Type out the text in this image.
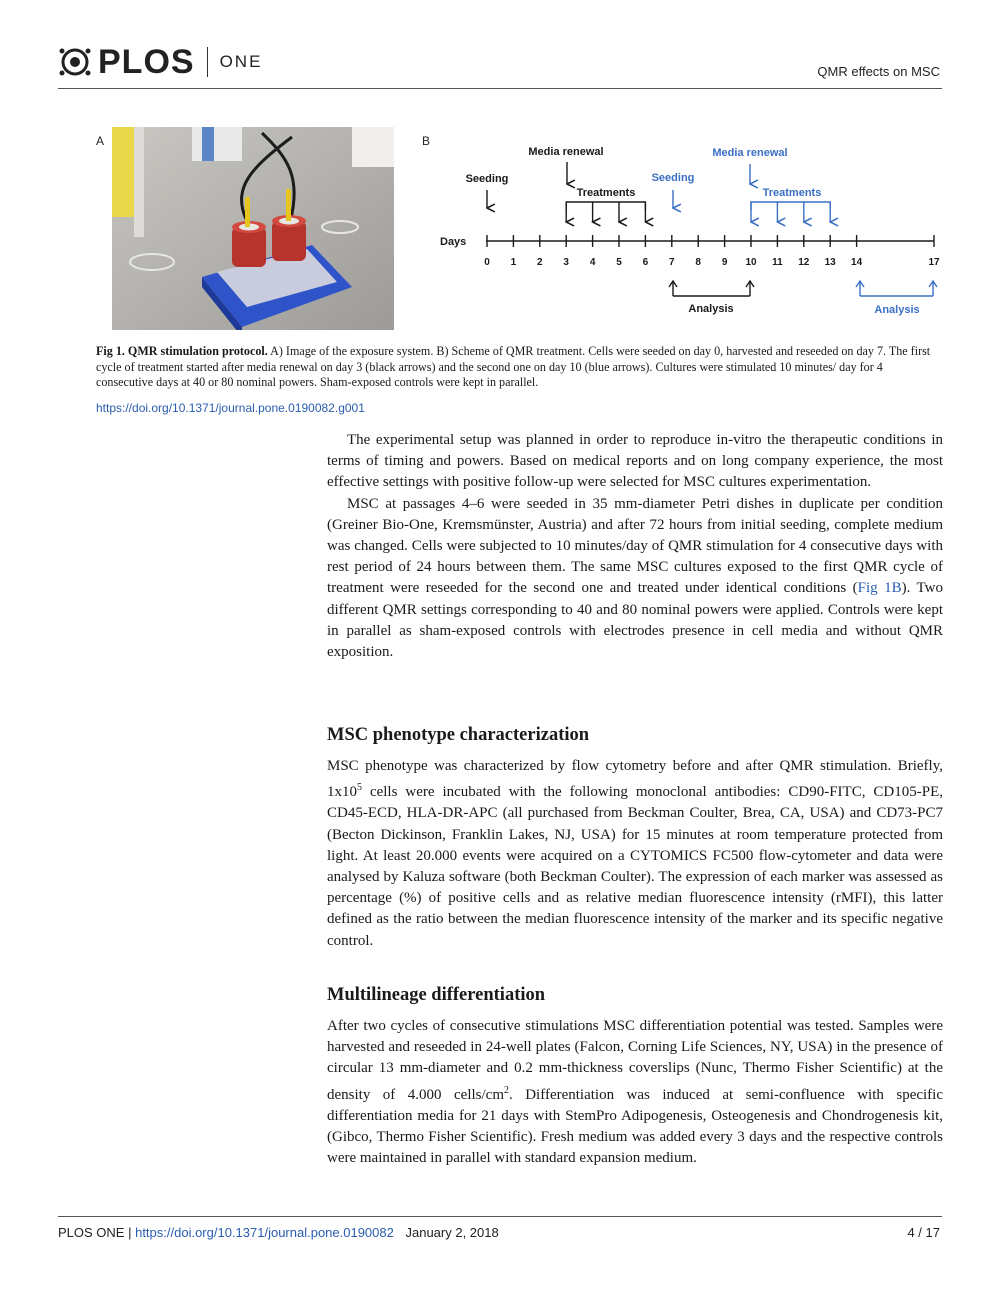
PLOS ONE
QMR effects on MSC
A	B
Days
0 1 2 3 4 5 6 7 8 9 10 11 12 13 14	17
Seeding
Media renewal
Treatments
Analysis
Seeding
Media renewal
Treatments
Analysis
Fig 1. QMR stimulation protocol. A) Image of the exposure system. B) Scheme of QMR treatment. Cells were seeded on day 0, harvested and reseeded on day 7. The first cycle of treatment started after media renewal on day 3 (black arrows) and the second one on day 10 (blue arrows). Cultures were stimulated 10 minutes/ day for 4 consecutive days at 40 or 80 nominal powers. Sham-exposed controls were kept in parallel.
https://doi.org/10.1371/journal.pone.0190082.g001

The experimental setup was planned in order to reproduce in-vitro the therapeutic conditions in terms of timing and powers. Based on medical reports and on long company experience, the most effective settings with positive follow-up were selected for MSC cultures experimentation.

MSC at passages 4–6 were seeded in 35 mm-diameter Petri dishes in duplicate per condition (Greiner Bio-One, Kremsmünster, Austria) and after 72 hours from initial seeding, complete medium was changed. Cells were subjected to 10 minutes/day of QMR stimulation for 4 consecutive days with rest period of 24 hours between them. The same MSC cultures exposed to the first QMR cycle of treatment were reseeded for the second one and treated under identical conditions (Fig 1B). Two different QMR settings corresponding to 40 and 80 nominal powers were applied. Controls were kept in parallel as sham-exposed controls with electrodes presence in cell media and without QMR exposition.

MSC phenotype characterization

MSC phenotype was characterized by flow cytometry before and after QMR stimulation. Briefly, $1x10^5$ cells were incubated with the following monoclonal antibodies: CD90-FITC, CD105-PE, CD45-ECD, HLA-DR-APC (all purchased from Beckman Coulter, Brea, CA, USA) and CD73-PC7 (Becton Dickinson, Franklin Lakes, NJ, USA) for 15 minutes at room temperature protected from light. At least 20.000 events were acquired on a CYTOMICS FC500 flow-cytometer and data were analysed by Kaluza software (both Beckman Coulter). The expression of each marker was assessed as percentage (%) of positive cells and as relative median fluorescence intensity (rMFI), this latter defined as the ratio between the median fluorescence intensity of the marker and its specific negative control.

Multilineage differentiation

After two cycles of consecutive stimulations MSC differentiation potential was tested. Samples were harvested and reseeded in 24-well plates (Falcon, Corning Life Sciences, NY, USA) in the presence of circular 13 mm-diameter and 0.2 mm-thickness coverslips (Nunc, Thermo Fisher Scientific) at the density of 4.000 cells/$cm^2$. Differentiation was induced at semi-confluence with specific differentiation media for 21 days with StemPro Adipogenesis, Osteogenesis and Chondrogenesis kit, (Gibco, Thermo Fisher Scientific). Fresh medium was added every 3 days and the respective controls were maintained in parallel with standard expansion medium.

PLOS ONE | https://doi.org/10.1371/journal.pone.0190082 January 2, 2018	4 / 17
